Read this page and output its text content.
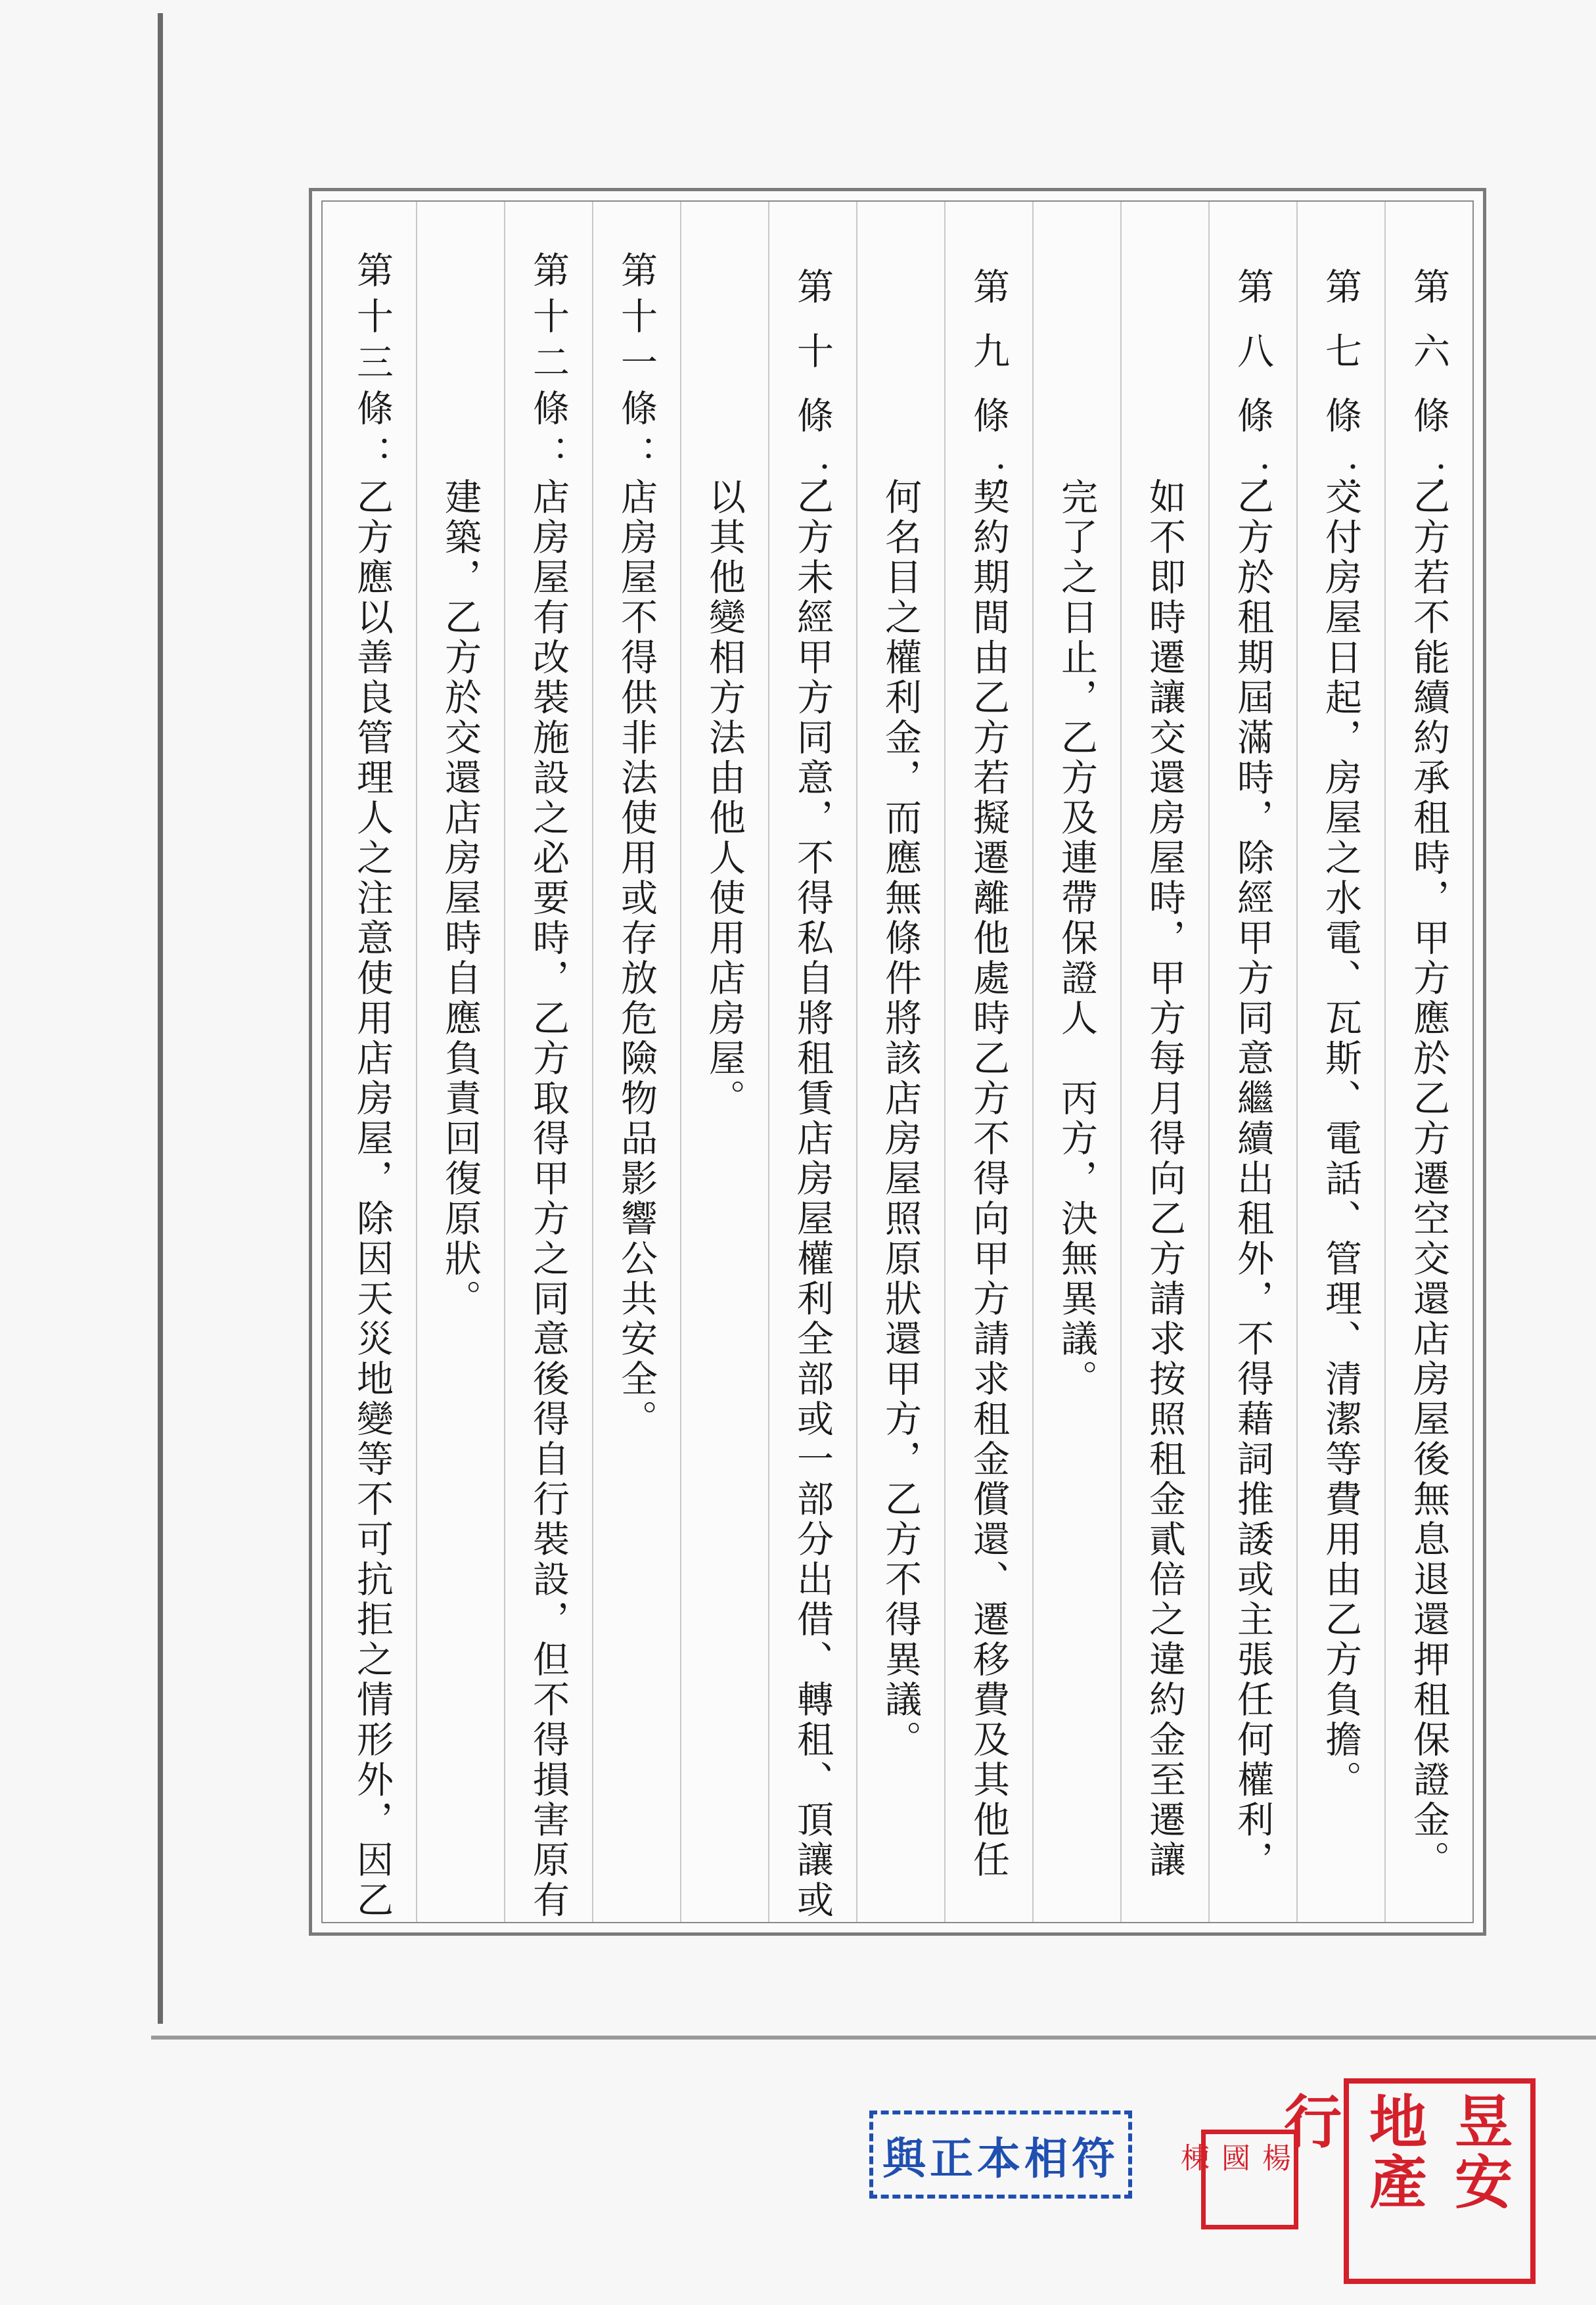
第六條：
乙方若不能續約承租時，甲方應於乙方遷空交還店房屋後無息退還押租保證金。
第七條：
交付房屋日起，房屋之水電、瓦斯、電話、管理、清潔等費用由乙方負擔。
第八條：
乙方於租期屆滿時，除經甲方同意繼續出租外，不得藉詞推諉或主張任何權利，
如不即時遷讓交還房屋時，甲方每月得向乙方請求按照租金貳倍之違約金至遷讓
完了之日止，乙方及連帶保證人　丙方，決無異議。
第九條：
契約期間由乙方若擬遷離他處時乙方不得向甲方請求租金償還、遷移費及其他任
何名目之權利金，而應無條件將該店房屋照原狀還甲方，乙方不得異議。
第十條：
乙方未經甲方同意，不得私自將租賃店房屋權利全部或一部分出借、轉租、頂讓或
以其他變相方法由他人使用店房屋。
第十一條：
店房屋不得供非法使用或存放危險物品影響公共安全。
第十二條：
店房屋有改裝施設之必要時，乙方取得甲方之同意後得自行裝設，但不得損害原有
建築，乙方於交還店房屋時自應負責回復原狀。
第十三條：
乙方應以善良管理人之注意使用店房屋，除因天災地變等不可抗拒之情形外，因乙
與正本相符	楊國棟	昱安地產行
